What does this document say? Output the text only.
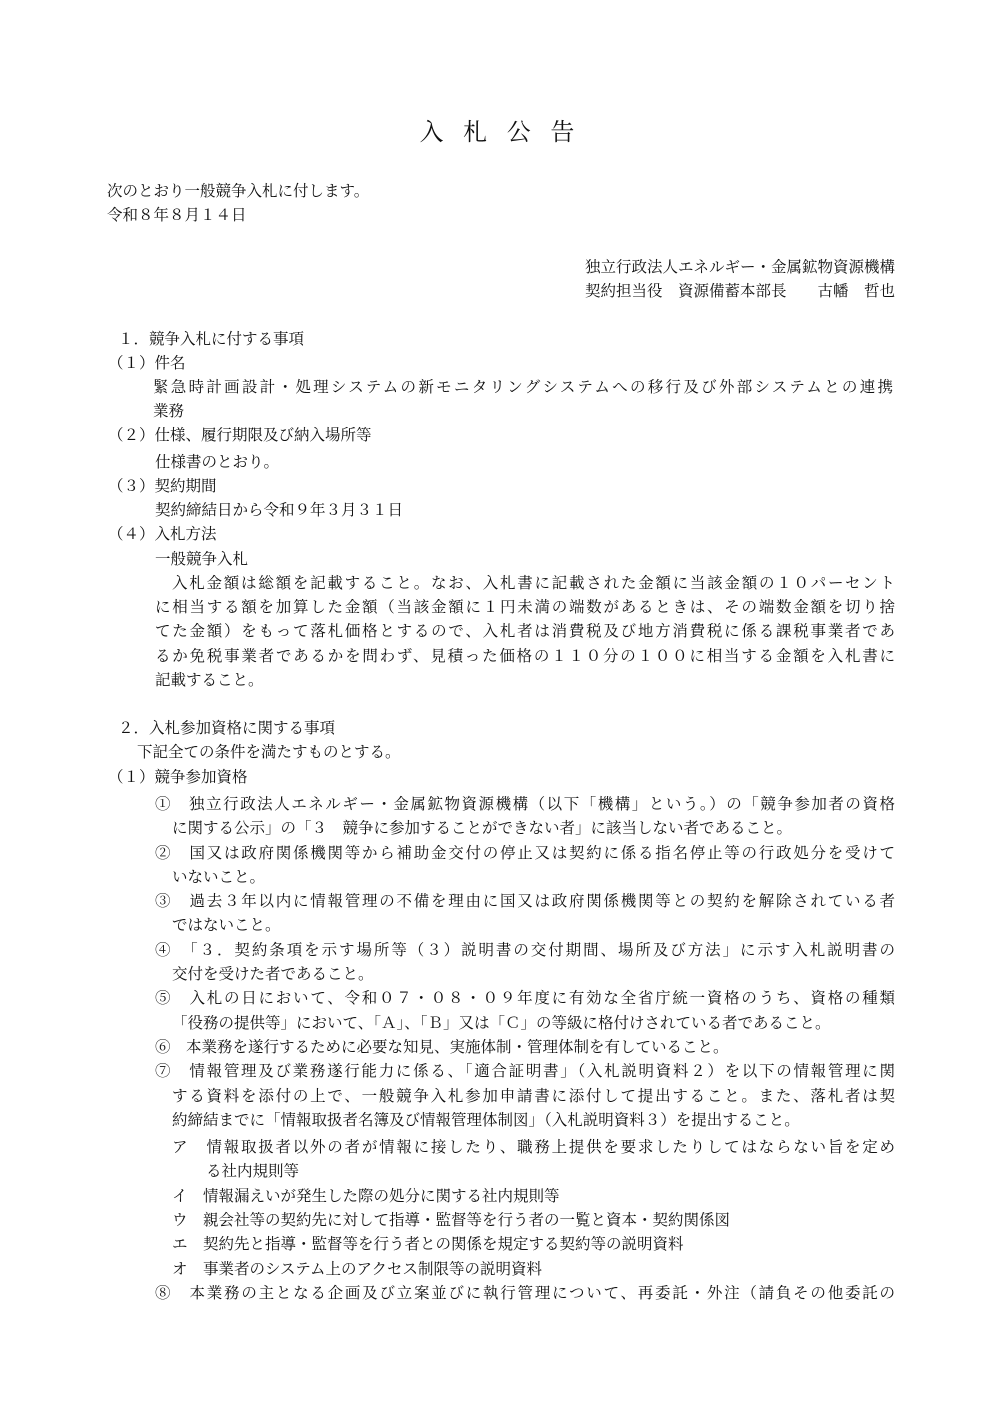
入 札 公 告
次のとおり一般競争入札に付します。
令和８年８月１４日
独立行政法人エネルギー・金属鉱物資源機構
契約担当役　資源備蓄本部長　　古幡　哲也
１．競争入札に付する事項
（１）件名
緊急時計画設計・処理システムの新モニタリングシステムへの移行及び外部システムとの連携
業務
（２）仕様、履行期限及び納入場所等
仕様書のとおり。
（３）契約期間
契約締結日から令和９年３月３１日
（４）入札方法
一般競争入札
入札金額は総額を記載すること。なお、入札書に記載された金額に当該金額の１０パーセント
に相当する額を加算した金額（当該金額に１円未満の端数があるときは、その端数金額を切り捨
てた金額）をもって落札価格とするので、入札者は消費税及び地方消費税に係る課税事業者であ
るか免税事業者であるかを問わず、見積った価格の１１０分の１００に相当する金額を入札書に
記載すること。
２．入札参加資格に関する事項
下記全ての条件を満たすものとする。
（１）競争参加資格
①　独立行政法人エネルギー・金属鉱物資源機構（以下「機構」という。）の「競争参加者の資格
に関する公示」の「３　競争に参加することができない者」に該当しない者であること。
②　国又は政府関係機関等から補助金交付の停止又は契約に係る指名停止等の行政処分を受けて
いないこと。
③　過去３年以内に情報管理の不備を理由に国又は政府関係機関等との契約を解除されている者
ではないこと。
④　「３．契約条項を示す場所等（３）説明書の交付期間、場所及び方法」に示す入札説明書の
交付を受けた者であること。
⑤　入札の日において、令和０７・０８・０９年度に有効な全省庁統一資格のうち、資格の種類
「役務の提供等」において、「Ａ」、「Ｂ」又は「Ｃ」の等級に格付けされている者であること。
⑥　本業務を遂行するために必要な知見、実施体制・管理体制を有していること。
⑦　情報管理及び業務遂行能力に係る、「適合証明書」（入札説明資料２）を以下の情報管理に関
する資料を添付の上で、一般競争入札参加申請書に添付して提出すること。また、落札者は契
約締結までに「情報取扱者名簿及び情報管理体制図」（入札説明資料３）を提出すること。
ア　情報取扱者以外の者が情報に接したり、職務上提供を要求したりしてはならない旨を定め
る社内規則等
イ　情報漏えいが発生した際の処分に関する社内規則等
ウ　親会社等の契約先に対して指導・監督等を行う者の一覧と資本・契約関係図
エ　契約先と指導・監督等を行う者との関係を規定する契約等の説明資料
オ　事業者のシステム上のアクセス制限等の説明資料
⑧　本業務の主となる企画及び立案並びに執行管理について、再委託・外注（請負その他委託の
